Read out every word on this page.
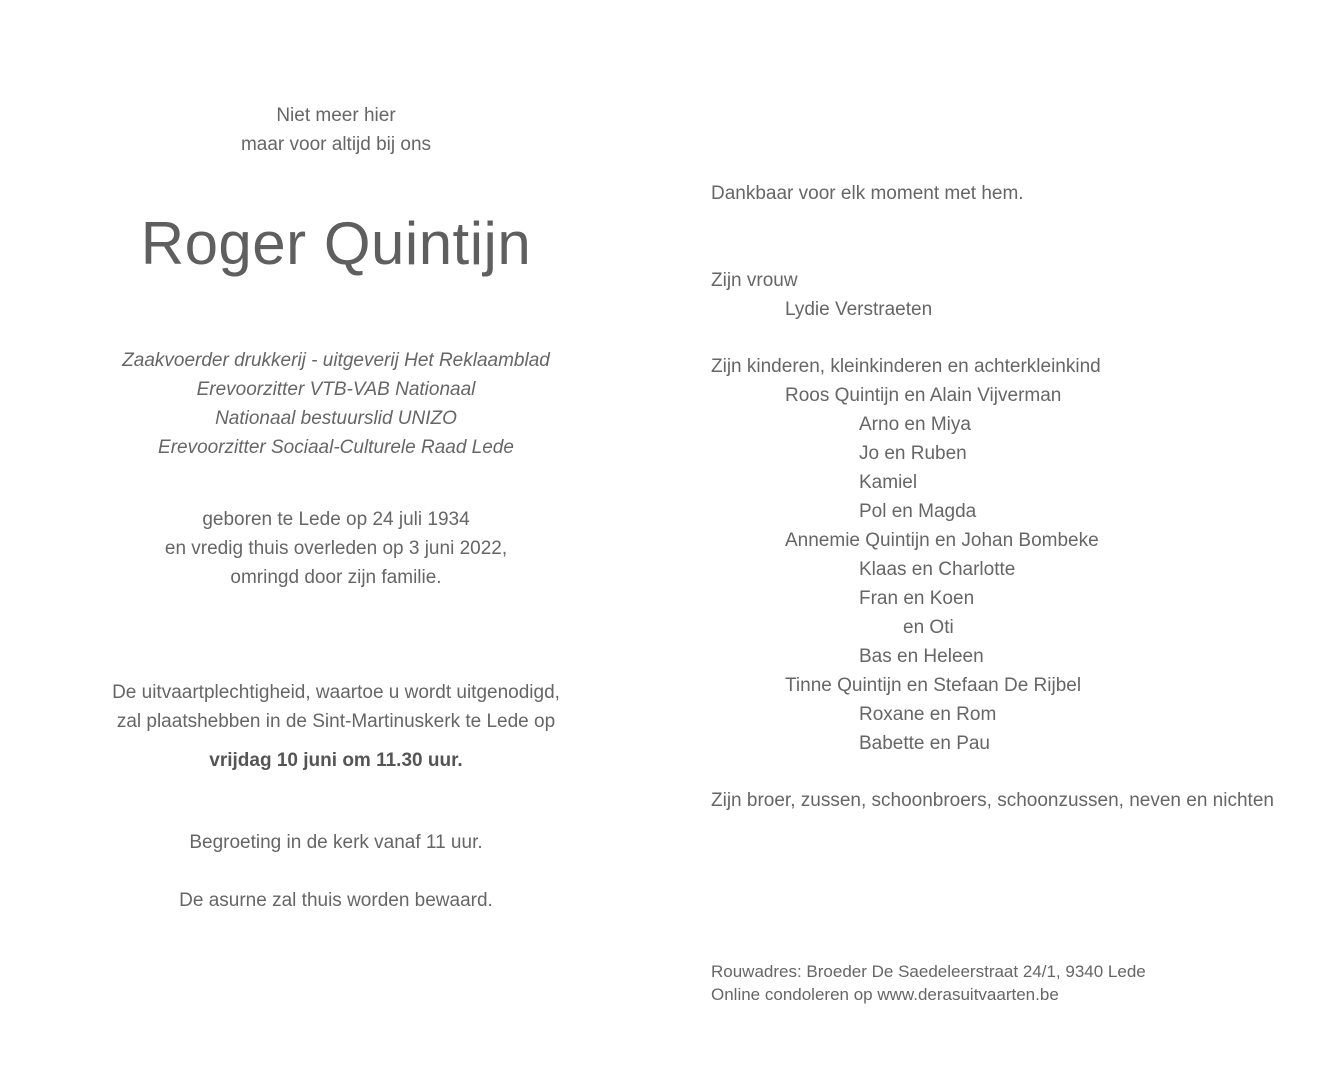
Niet meer hier
maar voor altijd bij ons
Roger Quintijn
Zaakvoerder drukkerij - uitgeverij Het Reklaamblad
Erevoorzitter VTB-VAB Nationaal
Nationaal bestuurslid UNIZO
Erevoorzitter Sociaal-Culturele Raad Lede
geboren te Lede op 24 juli 1934
en vredig thuis overleden op 3 juni 2022,
omringd door zijn familie.
De uitvaartplechtigheid, waartoe u wordt uitgenodigd,
zal plaatshebben in de Sint-Martinuskerk te Lede op
vrijdag 10 juni om 11.30 uur.
Begroeting in de kerk vanaf 11 uur.
De asurne zal thuis worden bewaard.
Dankbaar voor elk moment met hem.
Zijn vrouw
Lydie Verstraeten
Zijn kinderen, kleinkinderen en achterkleinkind
Roos Quintijn en Alain Vijverman
Arno en Miya
Jo en Ruben
Kamiel
Pol en Magda
Annemie Quintijn en Johan Bombeke
Klaas en Charlotte
Fran en Koen
en Oti
Bas en Heleen
Tinne Quintijn en Stefaan De Rijbel
Roxane en Rom
Babette en Pau
Zijn broer, zussen, schoonbroers, schoonzussen, neven en nichten
Rouwadres: Broeder De Saedeleerstraat 24/1, 9340 Lede
Online condoleren op www.derasuitvaarten.be
